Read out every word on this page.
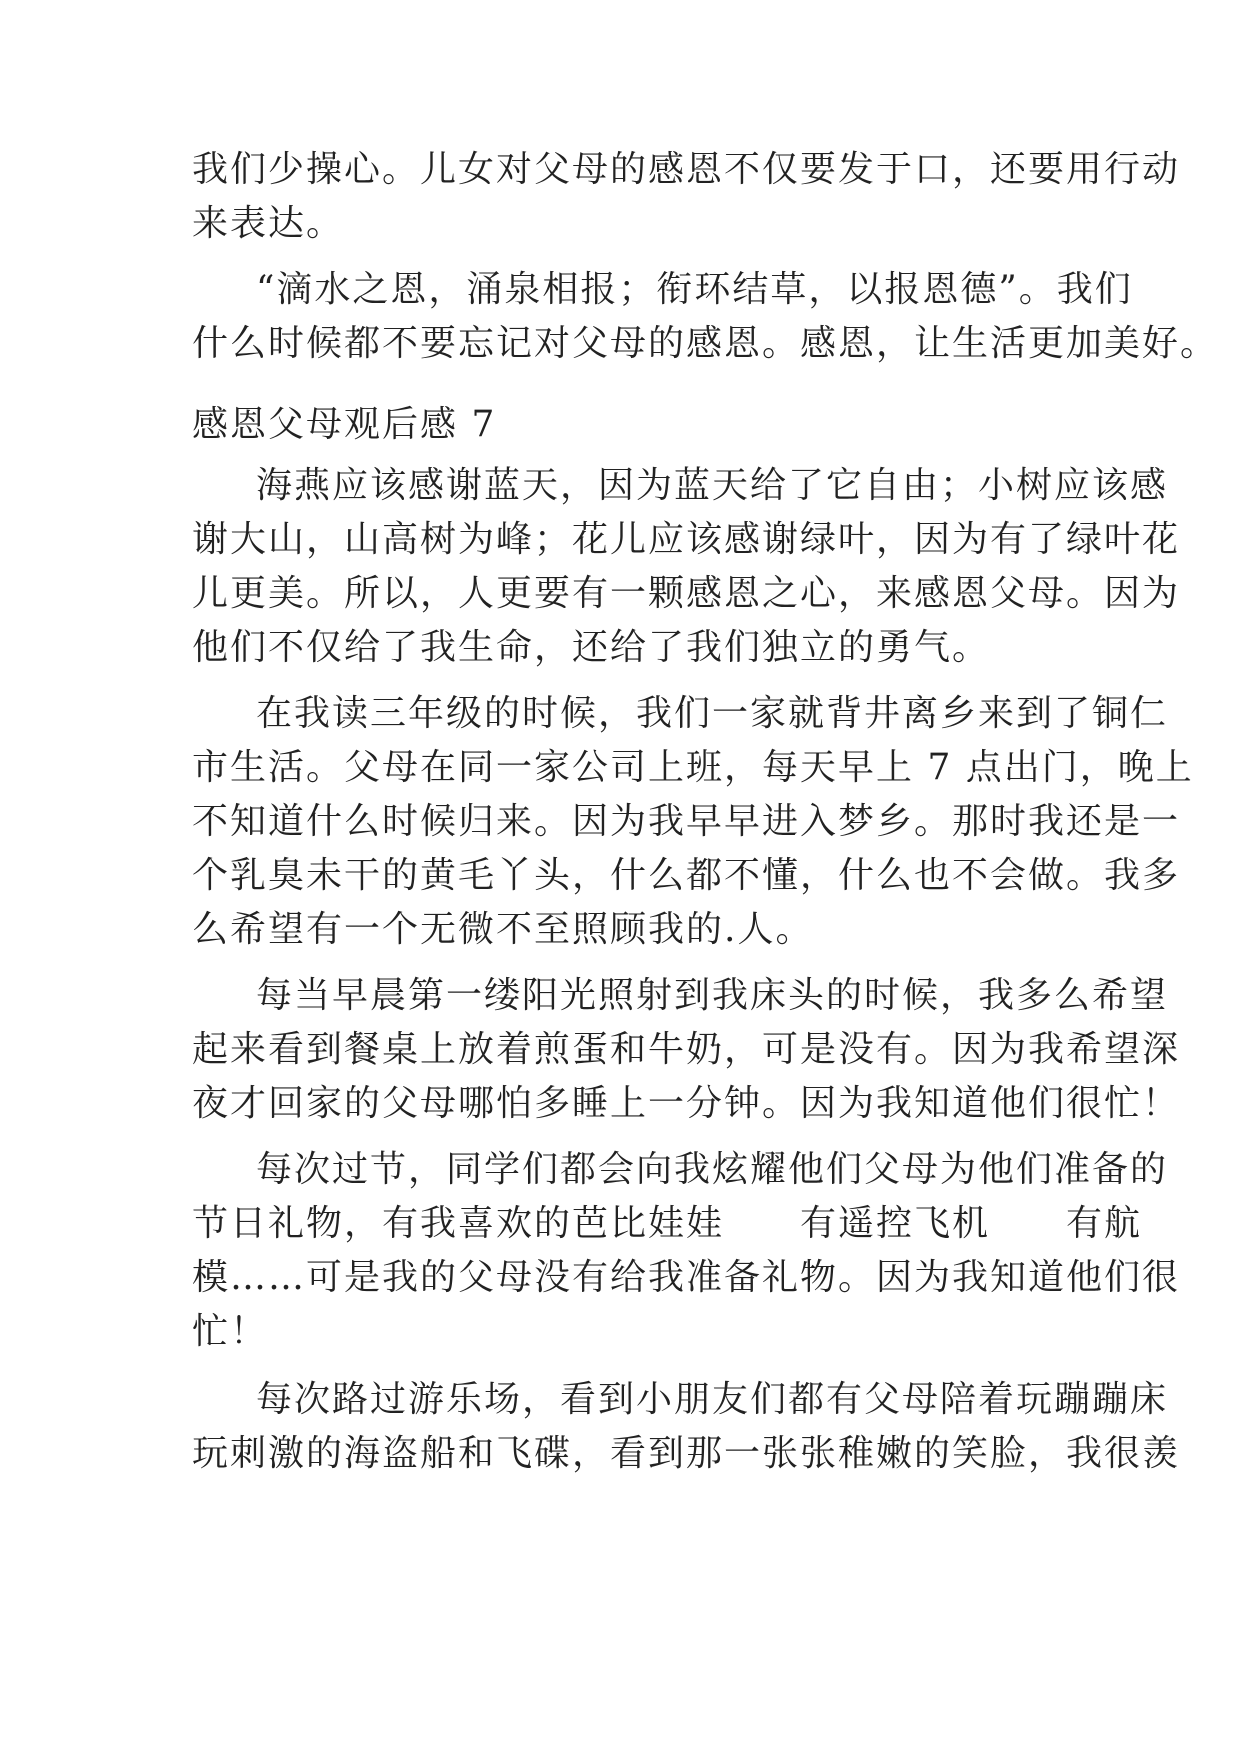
我们少操心。儿女对父母的感恩不仅要发于口，还要用行动
来表达。
“滴水之恩，涌泉相报；衔环结草，以报恩德”。我们
什么时候都不要忘记对父母的感恩。感恩，让生活更加美好。
感恩父母观后感 7
海燕应该感谢蓝天，因为蓝天给了它自由；小树应该感
谢大山，山高树为峰；花儿应该感谢绿叶，因为有了绿叶花
儿更美。所以，人更要有一颗感恩之心，来感恩父母。因为
他们不仅给了我生命，还给了我们独立的勇气。
在我读三年级的时候，我们一家就背井离乡来到了铜仁
市生活。父母在同一家公司上班，每天早上 7 点出门，晚上
不知道什么时候归来。因为我早早进入梦乡。那时我还是一
个乳臭未干的黄毛丫头，什么都不懂，什么也不会做。我多
么希望有一个无微不至照顾我的.人。
每当早晨第一缕阳光照射到我床头的时候，我多么希望
起来看到餐桌上放着煎蛋和牛奶，可是没有。因为我希望深
夜才回家的父母哪怕多睡上一分钟。因为我知道他们很忙！
每次过节，同学们都会向我炫耀他们父母为他们准备的
节日礼物，有我喜欢的芭比娃娃　　有遥控飞机　　有航
模……可是我的父母没有给我准备礼物。因为我知道他们很
忙！
每次路过游乐场，看到小朋友们都有父母陪着玩蹦蹦床
玩刺激的海盗船和飞碟，看到那一张张稚嫩的笑脸，我很羡
